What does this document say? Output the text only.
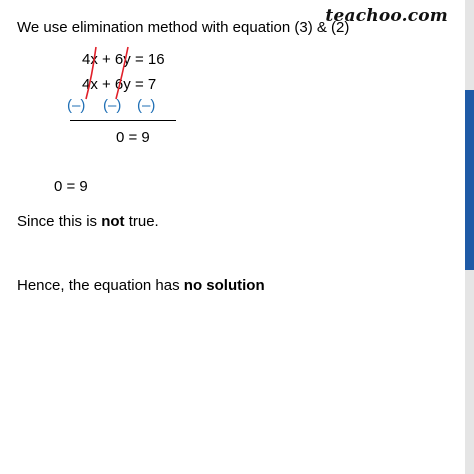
teachoo.com
We use elimination method with equation (3) & (2)
4x + 6y = 16
4x + 6y = 7
(–) (–) (–)
0 = 9
0 = 9
Since this is not true.
Hence, the equation has no solution
